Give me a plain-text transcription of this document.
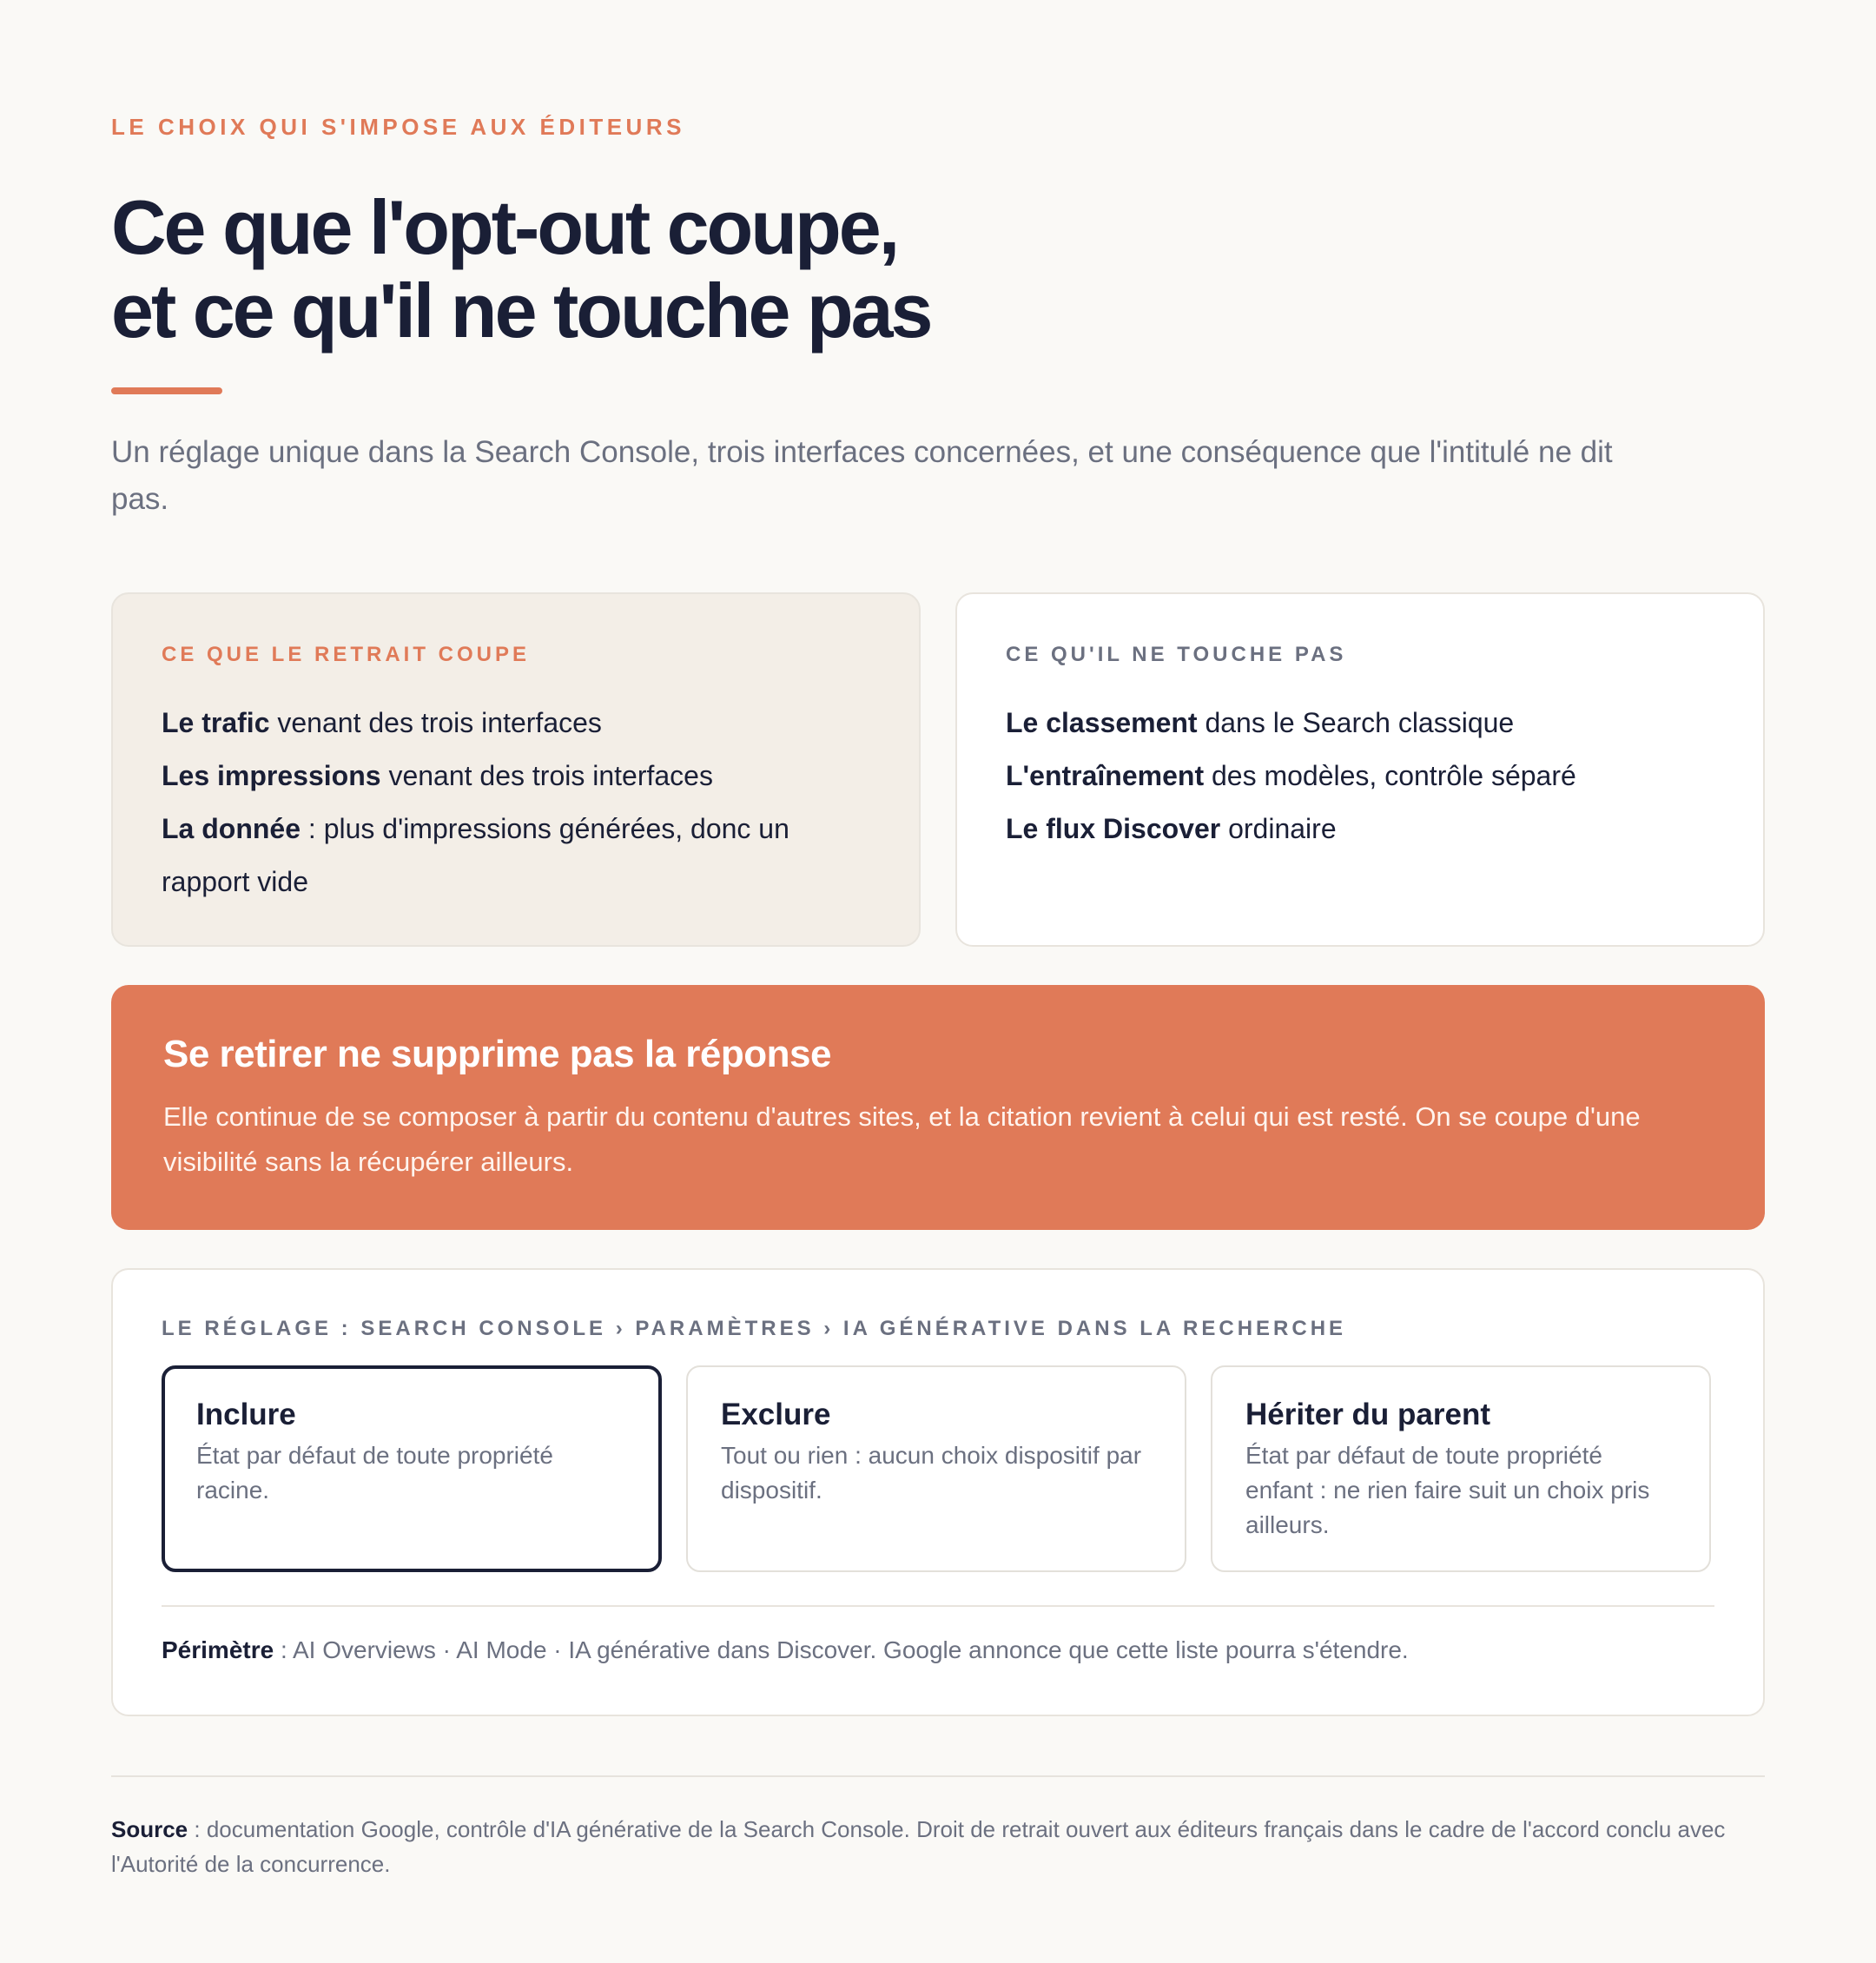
LE CHOIX QUI S'IMPOSE AUX ÉDITEURS
Ce que l'opt-out coupe,
et ce qu'il ne touche pas

Un réglage unique dans la Search Console, trois interfaces concernées, et une conséquence que l'intitulé ne dit pas.

CE QUE LE RETRAIT COUPE
Le trafic venant des trois interfaces
Les impressions venant des trois interfaces
La donnée : plus d'impressions générées, donc un rapport vide
CE QU'IL NE TOUCHE PAS
Le classement dans le Search classique
L'entraînement des modèles, contrôle séparé
Le flux Discover ordinaire
Se retirer ne supprime pas la réponse

Elle continue de se composer à partir du contenu d'autres sites, et la citation revient à celui qui est resté. On se coupe d'une visibilité sans la récupérer ailleurs.

LE RÉGLAGE : SEARCH CONSOLE › PARAMÈTRES › IA GÉNÉRATIVE DANS LA RECHERCHE
Inclure
État par défaut de toute propriété racine.
Exclure
Tout ou rien : aucun choix dispositif par dispositif.
Hériter du parent
État par défaut de toute propriété enfant : ne rien faire suit un choix pris ailleurs.

Périmètre : AI Overviews · AI Mode · IA générative dans Discover. Google annonce que cette liste pourra s'étendre.

Source : documentation Google, contrôle d'IA générative de la Search Console. Droit de retrait ouvert aux éditeurs français dans le cadre de l'accord conclu avec l'Autorité de la concurrence.
